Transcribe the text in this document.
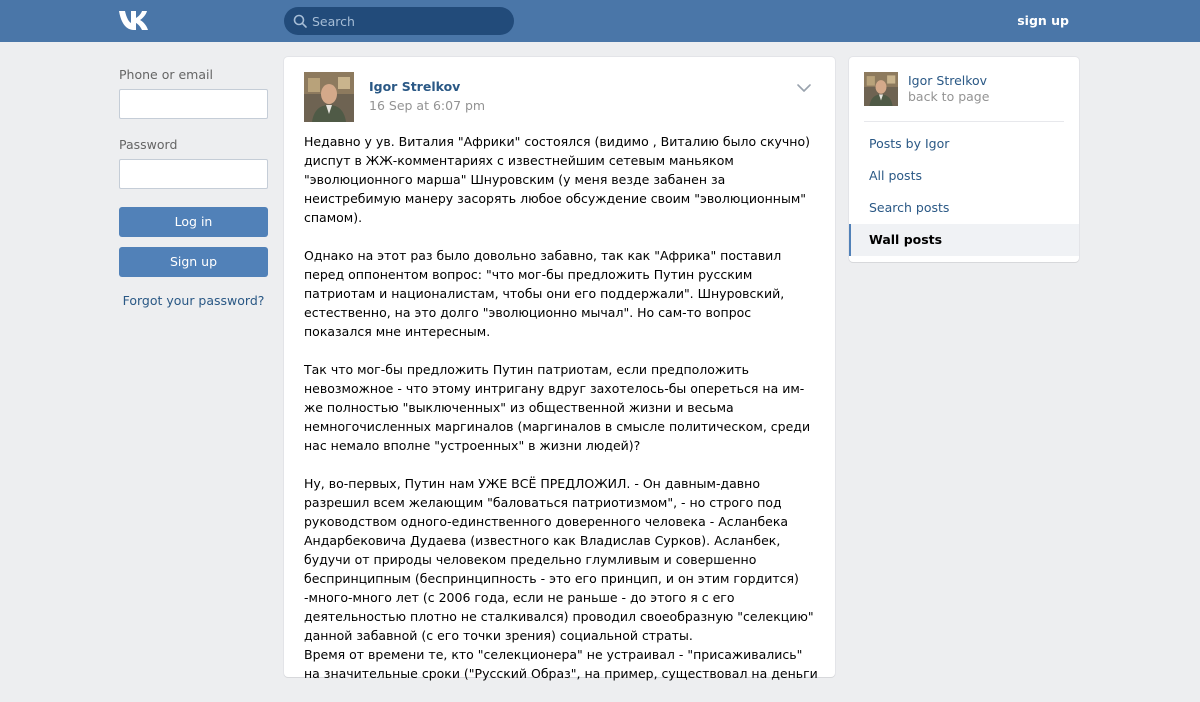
Search
sign up
Phone or email
Password
Log in
Sign up
Forgot your password?
Igor Strelkov
16 Sep at 6:07 pm

Недавно у ув. Виталия "Африки" состоялся (видимо , Виталию было скучно) диспут в ЖЖ-комментариях с известнейшим сетевым маньяком "эволюционного марша" Шнуровским (у меня везде забанен за неистребимую манеру засорять любое обсуждение своим "эволюционным" спамом).

Однако на этот раз было довольно забавно, так как "Африка" поставил перед оппонентом вопрос: "что мог-бы предложить Путин русским патриотам и националистам, чтобы они его поддержали". Шнуровский, естественно, на это долго "эволюционно мычал". Но сам-то вопрос показался мне интересным.

Так что мог-бы предложить Путин патриотам, если предположить невозможное - что этому интригану вдруг захотелось-бы опереться на им-же полностью "выключенных" из общественной жизни и весьма немногочисленных маргиналов (маргиналов в смысле политическом, среди нас немало вполне "устроенных" в жизни людей)?

Ну, во-первых, Путин нам УЖЕ ВСЁ ПРЕДЛОЖИЛ. - Он давным-давно разрешил всем желающим "баловаться патриотизмом", - но строго под руководством одного-единственного доверенного человека - Асланбека Андарбековича Дудаева (известного как Владислав Сурков). Асланбек, будучи от природы человеком предельно глумливым и совершенно беспринципным (беспринципность - это его принцип, и он этим гордится) -много-много лет (с 2006 года, если не раньше - до этого я с его деятельностью плотно не сталкивался) проводил своеобразную "селекцию" данной забавной (с его точки зрения) социальной страты.

Время от времени те, кто "селекционера" не устраивал - "присаживались" на значительные сроки ("Русский Образ", на пример, существовал на деньги

Igor Strelkov
back to page
Posts by Igor
All posts
Search posts
Wall posts
